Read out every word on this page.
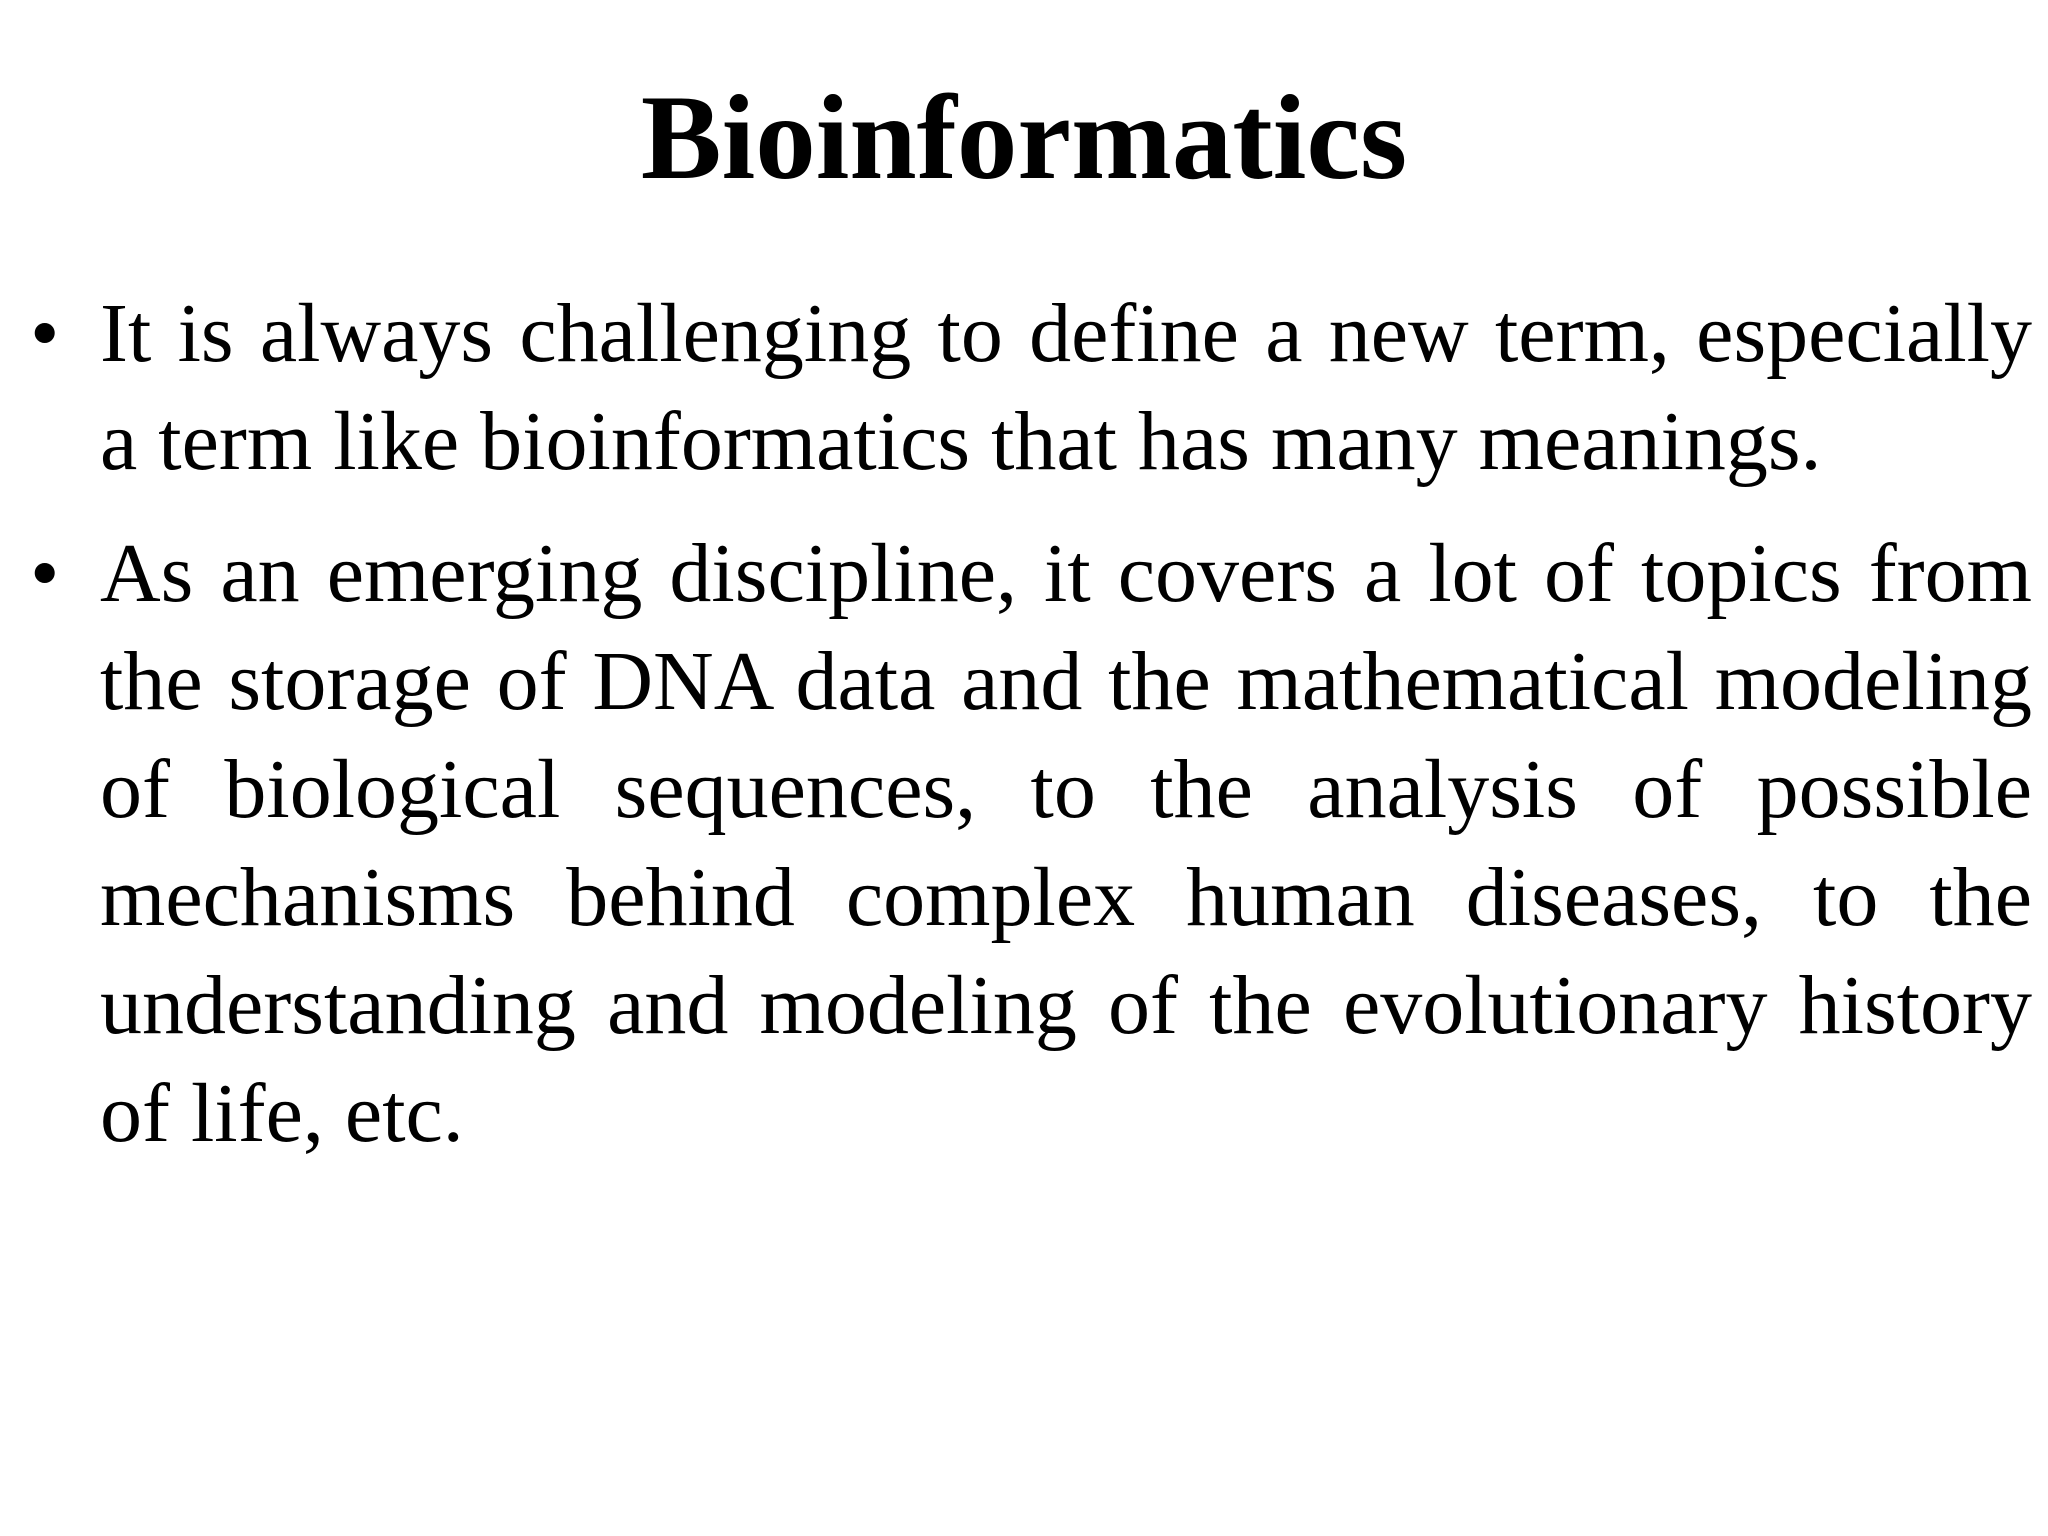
Bioinformatics
• It is always challenging to define a new term, especially a term like bioinformatics that has many meanings.
• As an emerging discipline, it covers a lot of topics from the storage of DNA data and the mathematical modeling of biological sequences, to the analysis of possible mechanisms behind complex human diseases, to the understanding and modeling of the evolutionary history of life, etc.
